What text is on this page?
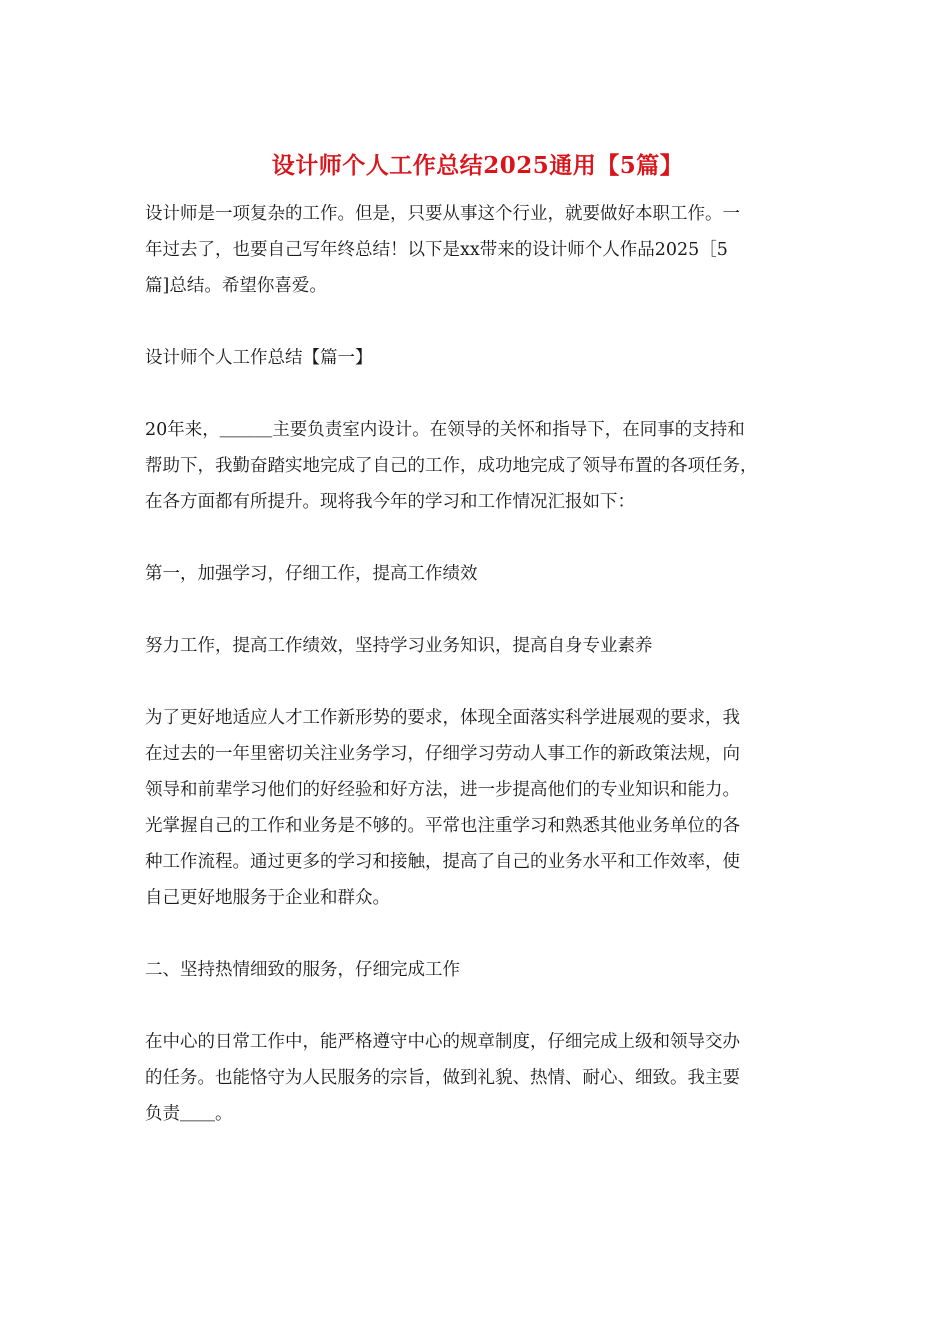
设计师个人工作总结2025通用【5篇】

设计师是一项复杂的工作。但是，只要从事这个行业，就要做好本职工作。一

年过去了，也要自己写年终总结！以下是xx带来的设计师个人作品2025［5

篇]总结。希望你喜爱。

设计师个人工作总结【篇一】

20年来，＿＿＿主要负责室内设计。在领导的关怀和指导下，在同事的支持和

帮助下，我勤奋踏实地完成了自己的工作，成功地完成了领导布置的各项任务，

在各方面都有所提升。现将我今年的学习和工作情况汇报如下：

第一，加强学习，仔细工作，提高工作绩效

努力工作，提高工作绩效，坚持学习业务知识，提高自身专业素养

为了更好地适应人才工作新形势的要求，体现全面落实科学进展观的要求，我

在过去的一年里密切关注业务学习，仔细学习劳动人事工作的新政策法规，向

领导和前辈学习他们的好经验和好方法，进一步提高他们的专业知识和能力。

光掌握自己的工作和业务是不够的。平常也注重学习和熟悉其他业务单位的各

种工作流程。通过更多的学习和接触，提高了自己的业务水平和工作效率，使

自己更好地服务于企业和群众。

二、坚持热情细致的服务，仔细完成工作

在中心的日常工作中，能严格遵守中心的规章制度，仔细完成上级和领导交办

的任务。也能恪守为人民服务的宗旨，做到礼貌、热情、耐心、细致。我主要

负责＿＿。
